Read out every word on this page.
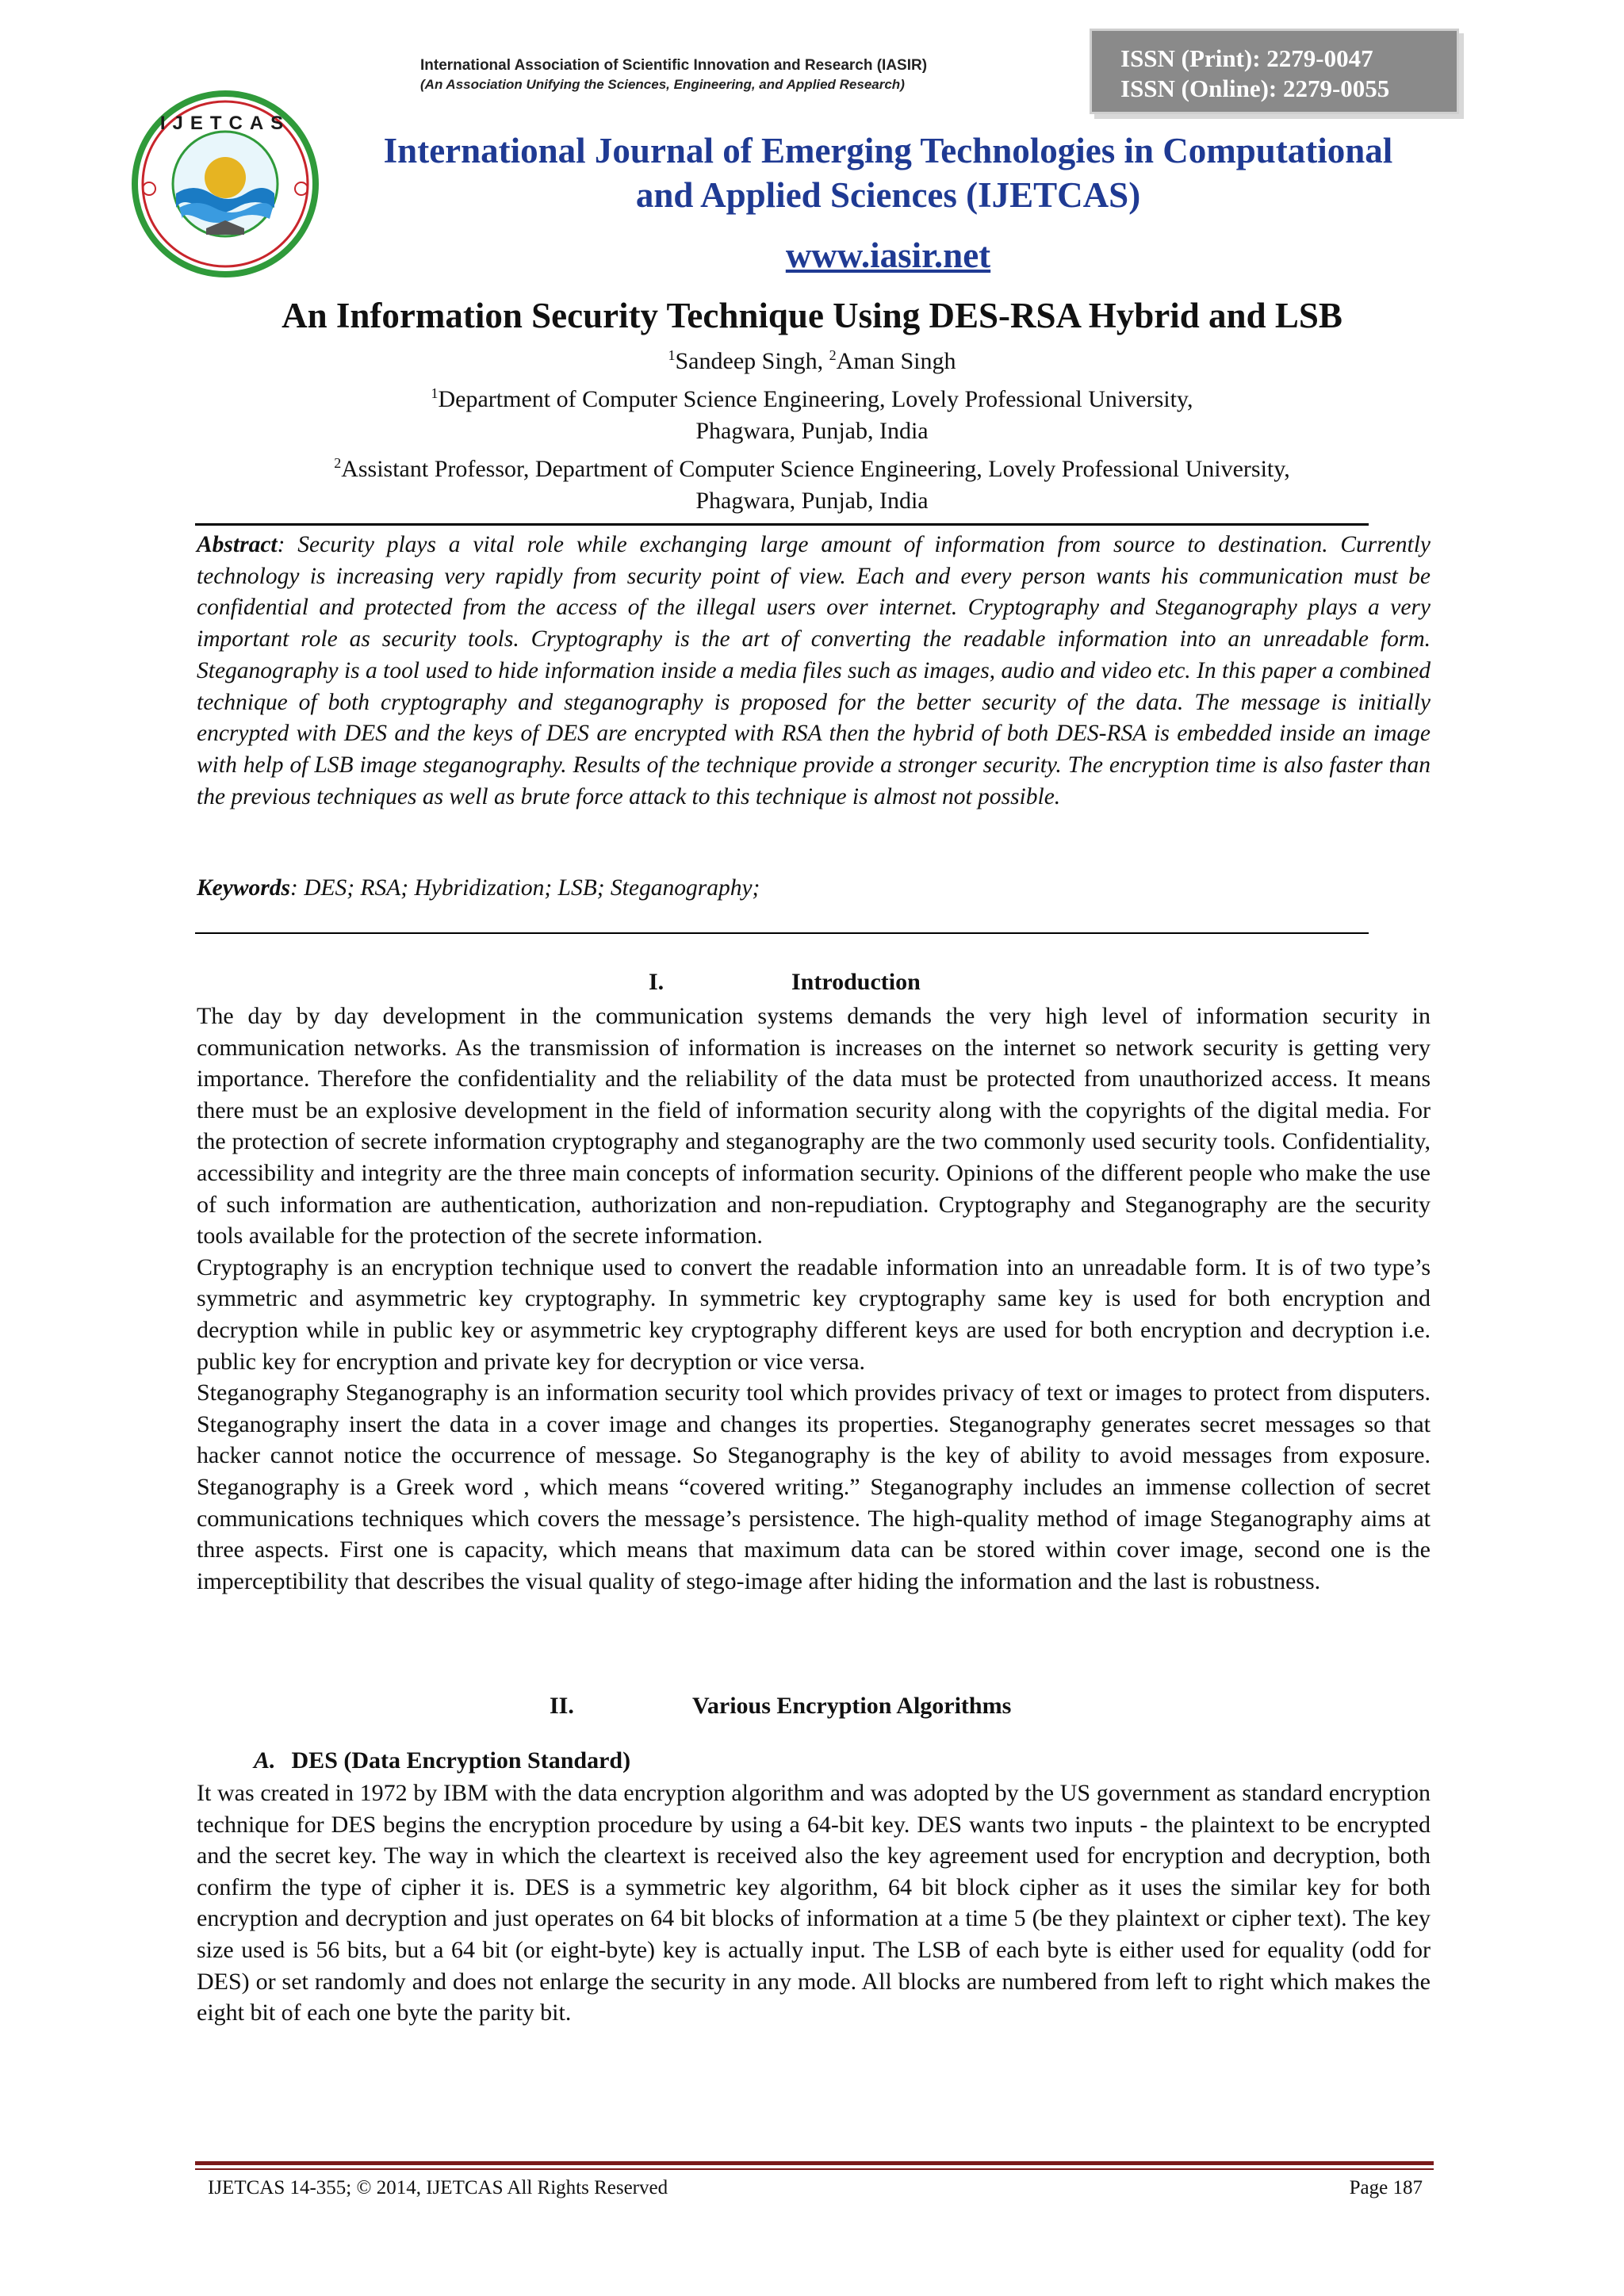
International Association of Scientific Innovation and Research (IASIR)
(An Association Unifying the Sciences, Engineering, and Applied Research)
ISSN (Print): 2279-0047
ISSN (Online): 2279-0055
IJETCAS
International Journal of Emerging Technologies in Computational
and Applied Sciences (IJETCAS)
www.iasir.net
An Information Security Technique Using DES-RSA Hybrid and LSB
$^1$Sandeep Singh, $^2$Aman Singh
$^1$Department of Computer Science Engineering, Lovely Professional University,
Phagwara, Punjab, India
$^2$Assistant Professor, Department of Computer Science Engineering, Lovely Professional University,
Phagwara, Punjab, India
Abstract: Security plays a vital role while exchanging large amount of information from source to destination. Currently technology is increasing very rapidly from security point of view. Each and every person wants his communication must be confidential and protected from the access of the illegal users over internet. Cryptography and Steganography plays a very important role as security tools. Cryptography is the art of converting the readable information into an unreadable form. Steganography is a tool used to hide information inside a media files such as images, audio and video etc. In this paper a combined technique of both cryptography and steganography is proposed for the better security of the data. The message is initially encrypted with DES and the keys of DES are encrypted with RSA then the hybrid of both DES-RSA is embedded inside an image with help of LSB image steganography. Results of the technique provide a stronger security. The encryption time is also faster than the previous techniques as well as brute force attack to this technique is almost not possible.
Keywords: DES; RSA; Hybridization; LSB; Steganography;
I.	Introduction

The day by day development in the communication systems demands the very high level of information security in communication networks. As the transmission of information is increases on the internet so network security is getting very importance. Therefore the confidentiality and the reliability of the data must be protected from unauthorized access. It means there must be an explosive development in the field of information security along with the copyrights of the digital media. For the protection of secrete information cryptography and steganography are the two commonly used security tools. Confidentiality, accessibility and integrity are the three main concepts of information security. Opinions of the different people who make the use of such information are authentication, authorization and non-repudiation. Cryptography and Steganography are the security tools available for the protection of the secrete information.

Cryptography is an encryption technique used to convert the readable information into an unreadable form. It is of two type’s symmetric and asymmetric key cryptography. In symmetric key cryptography same key is used for both encryption and decryption while in public key or asymmetric key cryptography different keys are used for both encryption and decryption i.e. public key for encryption and private key for decryption or vice versa.

Steganography Steganography is an information security tool which provides privacy of text or images to protect from disputers. Steganography insert the data in a cover image and changes its properties. Steganography generates secret messages so that hacker cannot notice the occurrence of message. So Steganography is the key of ability to avoid messages from exposure. Steganography is a Greek word , which means “covered writing.” Steganography includes an immense collection of secret communications techniques which covers the message’s persistence. The high-quality method of image Steganography aims at three aspects. First one is capacity, which means that maximum data can be stored within cover image, second one is the imperceptibility that describes the visual quality of stego-image after hiding the information and the last is robustness.

II.	Various Encryption Algorithms
A. DES (Data Encryption Standard)

It was created in 1972 by IBM with the data encryption algorithm and was adopted by the US government as standard encryption technique for DES begins the encryption procedure by using a 64-bit key. DES wants two inputs - the plaintext to be encrypted and the secret key. The way in which the cleartext is received also the key agreement used for encryption and decryption, both confirm the type of cipher it is. DES is a symmetric key algorithm, 64 bit block cipher as it uses the similar key for both encryption and decryption and just operates on 64 bit blocks of information at a time 5 (be they plaintext or cipher text). The key size used is 56 bits, but a 64 bit (or eight-byte) key is actually input. The LSB of each byte is either used for equality (odd for DES) or set randomly and does not enlarge the security in any mode. All blocks are numbered from left to right which makes the eight bit of each one byte the parity bit.

IJETCAS 14-355; © 2014, IJETCAS All Rights Reserved	Page 187
